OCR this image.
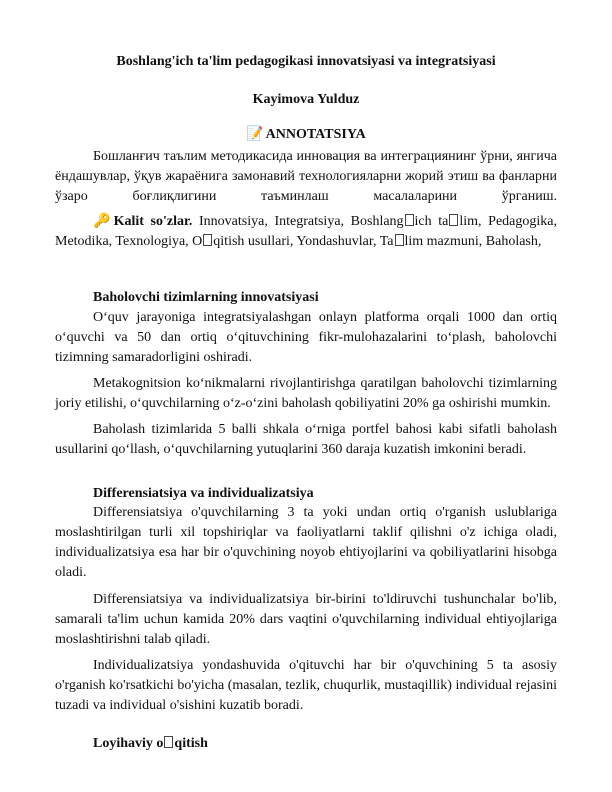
Boshlang'ich ta'lim pedagogikasi innovatsiyasi va integratsiyasi
Kayimova Yulduz
📝 ANNOTATSIYA
Бошланғич таълим методикасида инновация ва интеграциянинг ўрни, янгича ёндашувлар, ўқув жараёнига замонавий технологияларни жорий этиш ва фанларни ўзаро боғлиқлигини таъминлаш масалаларини ўрганиш.
🔑Kalit so'zlar. Innovatsiya, Integratsiya, Boshlang ich ta lim, Pedagogika, Metodika, Texnologiya, O qitish usullari, Yondashuvlar, Ta lim mazmuni, Baholash,
Baholovchi tizimlarning innovatsiyasi
O‘quv jarayoniga integratsiyalashgan onlayn platforma orqali 1000 dan ortiq o‘quvchi va 50 dan ortiq o‘qituvchining fikr-mulohazalarini to‘plash, baholovchi tizimning samaradorligini oshiradi.
Metakognitsion ko‘nikmalarni rivojlantirishga qaratilgan baholovchi tizimlarning joriy etilishi, o‘quvchilarning o‘z-o‘zini baholash qobiliyatini 20% ga oshirishi mumkin.
Baholash tizimlarida 5 balli shkala o‘rniga portfel bahosi kabi sifatli baholash usullarini qo‘llash, o‘quvchilarning yutuqlarini 360 daraja kuzatish imkonini beradi.
Differensiatsiya va individualizatsiya
Differensiatsiya o'quvchilarning 3 ta yoki undan ortiq o'rganish uslublariga moslashtirilgan turli xil topshiriqlar va faoliyatlarni taklif qilishni o'z ichiga oladi, individualizatsiya esa har bir o'quvchining noyob ehtiyojlarini va qobiliyatlarini hisobga oladi.
Differensiatsiya va individualizatsiya bir-birini to'ldiruvchi tushunchalar bo'lib, samarali ta'lim uchun kamida 20% dars vaqtini o'quvchilarning individual ehtiyojlariga moslashtirishni talab qiladi.
Individualizatsiya yondashuvida o'qituvchi har bir o'quvchining 5 ta asosiy o'rganish ko'rsatkichi bo'yicha (masalan, tezlik, chuqurlik, mustaqillik) individual rejasini tuzadi va individual o'sishini kuzatib boradi.
Loyihaviy o qitish
